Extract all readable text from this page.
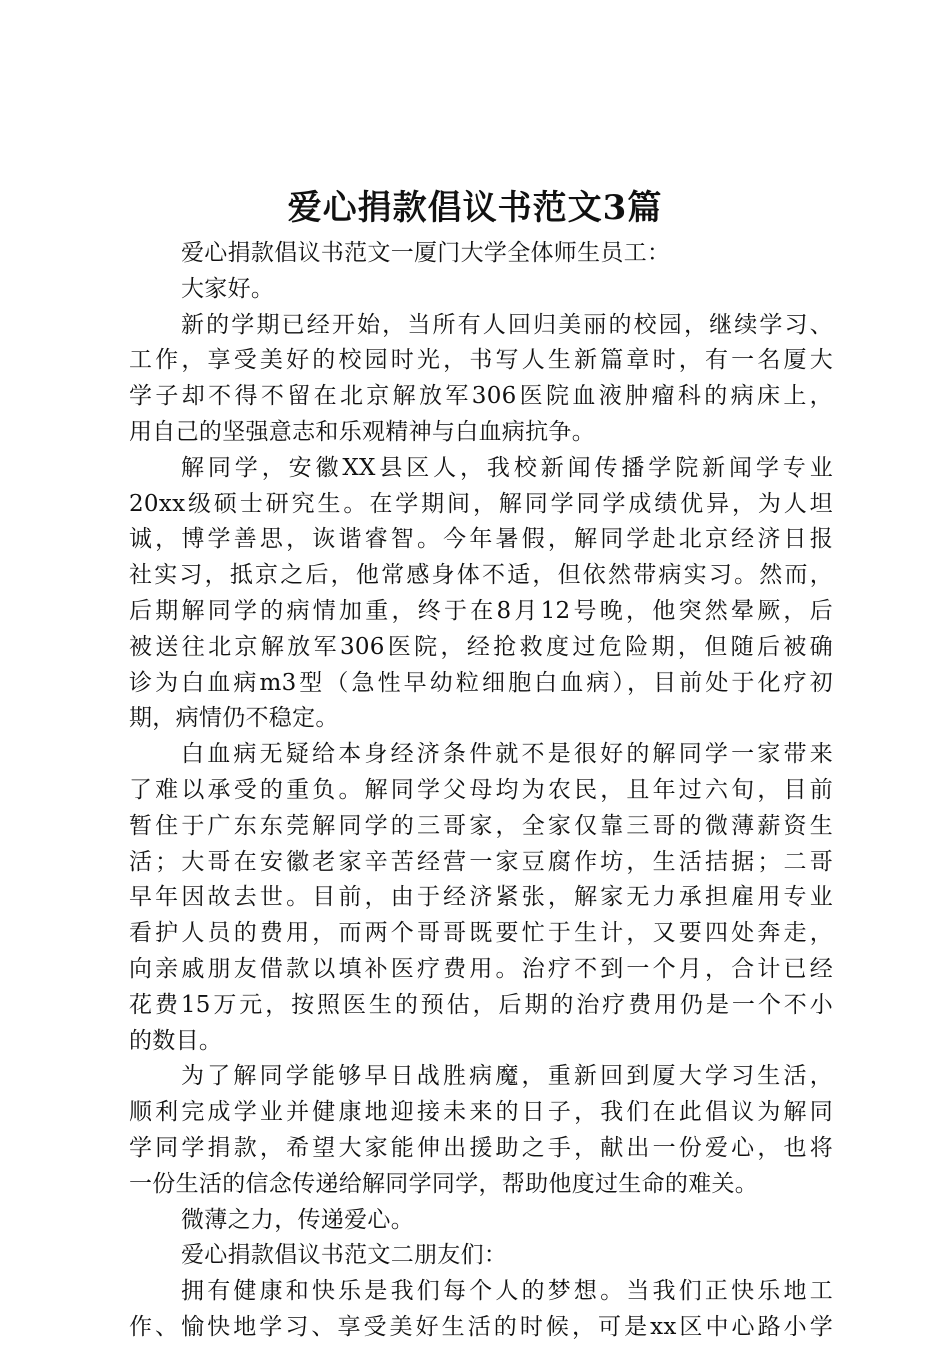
爱心捐款倡议书范文3篇
爱心捐款倡议书范文一厦门大学全体师生员工：
大家好。
新的学期已经开始，当所有人回归美丽的校园，继续学习、
工作，享受美好的校园时光，书写人生新篇章时，有一名厦大
学子却不得不留在北京解放军306医院血液肿瘤科的病床上，
用自己的坚强意志和乐观精神与白血病抗争。
解同学，安徽XX县区人，我校新闻传播学院新闻学专业
20xx级硕士研究生。在学期间，解同学同学成绩优异，为人坦
诚，博学善思，诙谐睿智。今年暑假，解同学赴北京经济日报
社实习，抵京之后，他常感身体不适，但依然带病实习。然而，
后期解同学的病情加重，终于在8月12号晚，他突然晕厥，后
被送往北京解放军306医院，经抢救度过危险期，但随后被确
诊为白血病m3型（急性早幼粒细胞白血病），目前处于化疗初
期，病情仍不稳定。
白血病无疑给本身经济条件就不是很好的解同学一家带来
了难以承受的重负。解同学父母均为农民，且年过六旬，目前
暂住于广东东莞解同学的三哥家，全家仅靠三哥的微薄薪资生
活；大哥在安徽老家辛苦经营一家豆腐作坊，生活拮据；二哥
早年因故去世。目前，由于经济紧张，解家无力承担雇用专业
看护人员的费用，而两个哥哥既要忙于生计，又要四处奔走，
向亲戚朋友借款以填补医疗费用。治疗不到一个月，合计已经
花费15万元，按照医生的预估，后期的治疗费用仍是一个不小
的数目。
为了解同学能够早日战胜病魔，重新回到厦大学习生活，
顺利完成学业并健康地迎接未来的日子，我们在此倡议为解同
学同学捐款，希望大家能伸出援助之手，献出一份爱心，也将
一份生活的信念传递给解同学同学，帮助他度过生命的难关。
微薄之力，传递爱心。
爱心捐款倡议书范文二朋友们：
拥有健康和快乐是我们每个人的梦想。当我们正快乐地工
作、愉快地学习、享受美好生活的时候，可是xx区中心路小学
